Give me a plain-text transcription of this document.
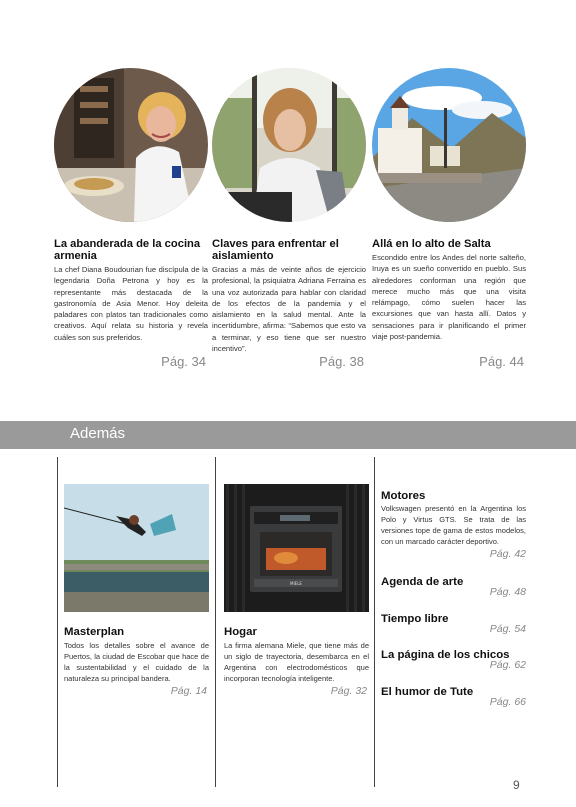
La abanderada de la cocina armenia

La chef Diana Boudourian fue discípula de la legendaria Doña Petrona y hoy es la representante más destacada de la gastronomía de Asia Menor. Hoy deleita paladares con platos tan tradicionales como creativos. Aquí relata su historia y revela cuáles son sus preferidos.

Pág. 34
Claves para enfrentar el aislamiento

Gracias a más de veinte años de ejercicio profesional, la psiquiatra Adriana Ferraina es una voz autorizada para hablar con claridad de los efectos de la pandemia y el aislamiento en la salud mental. Ante la incertidumbre, afirma: “Sabemos que esto va a terminar, y eso tiene que ser nuestro incentivo”.

Pág. 38
Allá en lo alto de Salta

Escondido entre los Andes del norte salteño, Iruya es un sueño convertido en pueblo. Sus alrededores conforman una región que merece mucho más que una visita relámpago, cómo suelen hacer las excursiones que van hasta allí. Datos y sensaciones para ir planificando el primer viaje post-pandemia.

Pág. 44
Además
Masterplan

Todos los detalles sobre el avance de Puertos, la ciudad de Escobar que hace de la sustentabilidad y el cuidado de la naturaleza su principal bandera.

Pág. 14
MIELE
Hogar

La firma alemana Miele, que tiene más de un siglo de trayectoria, desembarca en el Argentina con electrodomésticos que incorporan tecnología inteligente.

Pág. 32
Motores

Volkswagen presentó en la Argentina los Polo y Virtus GTS. Se trata de las versiones tope de gama de estos modelos, con un marcado carácter deportivo.

Pág. 42
Agenda de arte
Pág. 48
Tiempo libre
Pág. 54
La página de los chicos
Pág. 62
El humor de Tute
Pág. 66
9
